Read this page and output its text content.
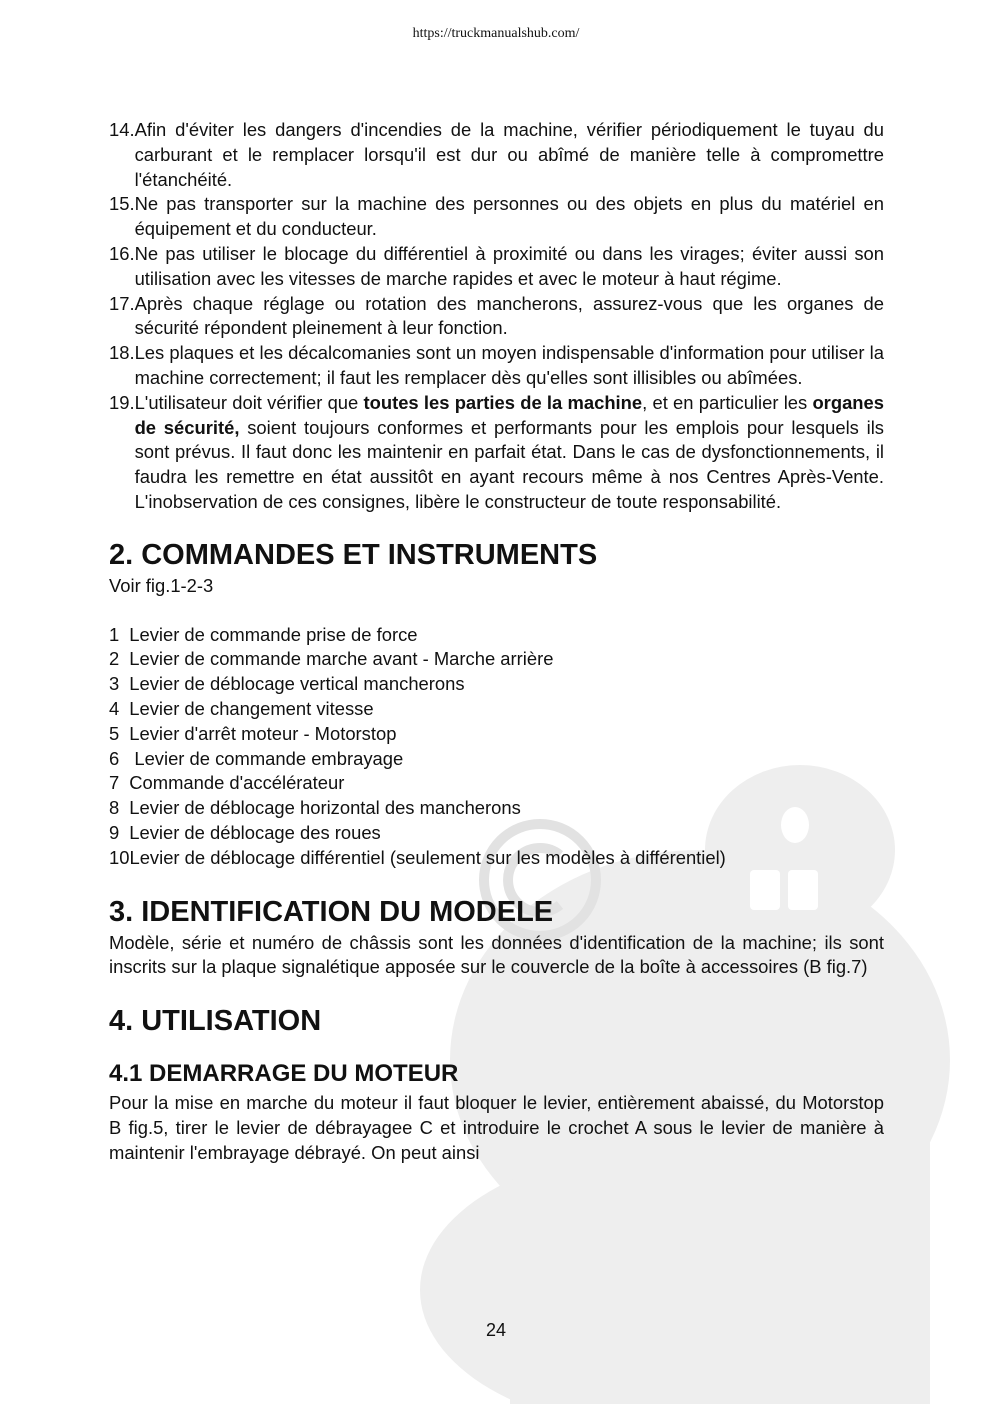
https://truckmanualshub.com/
14. Afin d'éviter les dangers d'incendies de la machine, vérifier périodiquement le tuyau du carburant et le remplacer lorsqu'il est dur ou abîmé de manière telle à compromettre l'étanchéité.
15. Ne pas transporter sur la machine des personnes ou des objets en plus du matériel en équipement et du conducteur.
16. Ne pas utiliser le blocage du différentiel à proximité ou dans les virages; éviter aussi son utilisation avec les vitesses de marche rapides et avec le moteur à haut régime.
17. Après chaque réglage ou rotation des mancherons, assurez-vous que les organes de sécurité répondent pleinement à leur fonction.
18. Les plaques et les décalcomanies sont un moyen indispensable d'information pour utiliser la machine correctement; il faut les remplacer dès qu'elles sont illisibles ou abîmées.
19. L'utilisateur doit vérifier que toutes les parties de la machine, et en particulier les organes de sécurité, soient toujours conformes et performants pour les emplois pour lesquels ils sont prévus. Il faut donc les maintenir en parfait état. Dans le cas de dysfonctionnements, il faudra les remettre en état aussitôt en ayant recours même à nos Centres Après-Vente. L'inobservation de ces consignes, libère le constructeur de toute responsabilité.
2. COMMANDES ET INSTRUMENTS

Voir fig.1-2-3

1 Levier de commande prise de force
2 Levier de commande marche avant - Marche arrière
3 Levier de déblocage vertical mancherons
4 Levier de changement vitesse
5 Levier d'arrêt moteur - Motorstop
6 Levier de commande embrayage
7 Commande d'accélérateur
8 Levier de déblocage horizontal des mancherons
9 Levier de déblocage des roues
10 Levier de déblocage différentiel (seulement sur les modèles à différentiel)
3. IDENTIFICATION DU MODELE

Modèle, série et numéro de châssis sont les données d'identification de la machine; ils sont inscrits sur la plaque signalétique apposée sur le couvercle de la boîte à accessoires (B fig.7)

4. UTILISATION
4.1 DEMARRAGE DU MOTEUR

Pour la mise en marche du moteur il faut bloquer le levier, entièrement abaissé, du Motorstop B fig.5, tirer le levier de débrayagee C et introduire le crochet A sous le levier de manière à maintenir l'embrayage débrayé. On peut ainsi

24
